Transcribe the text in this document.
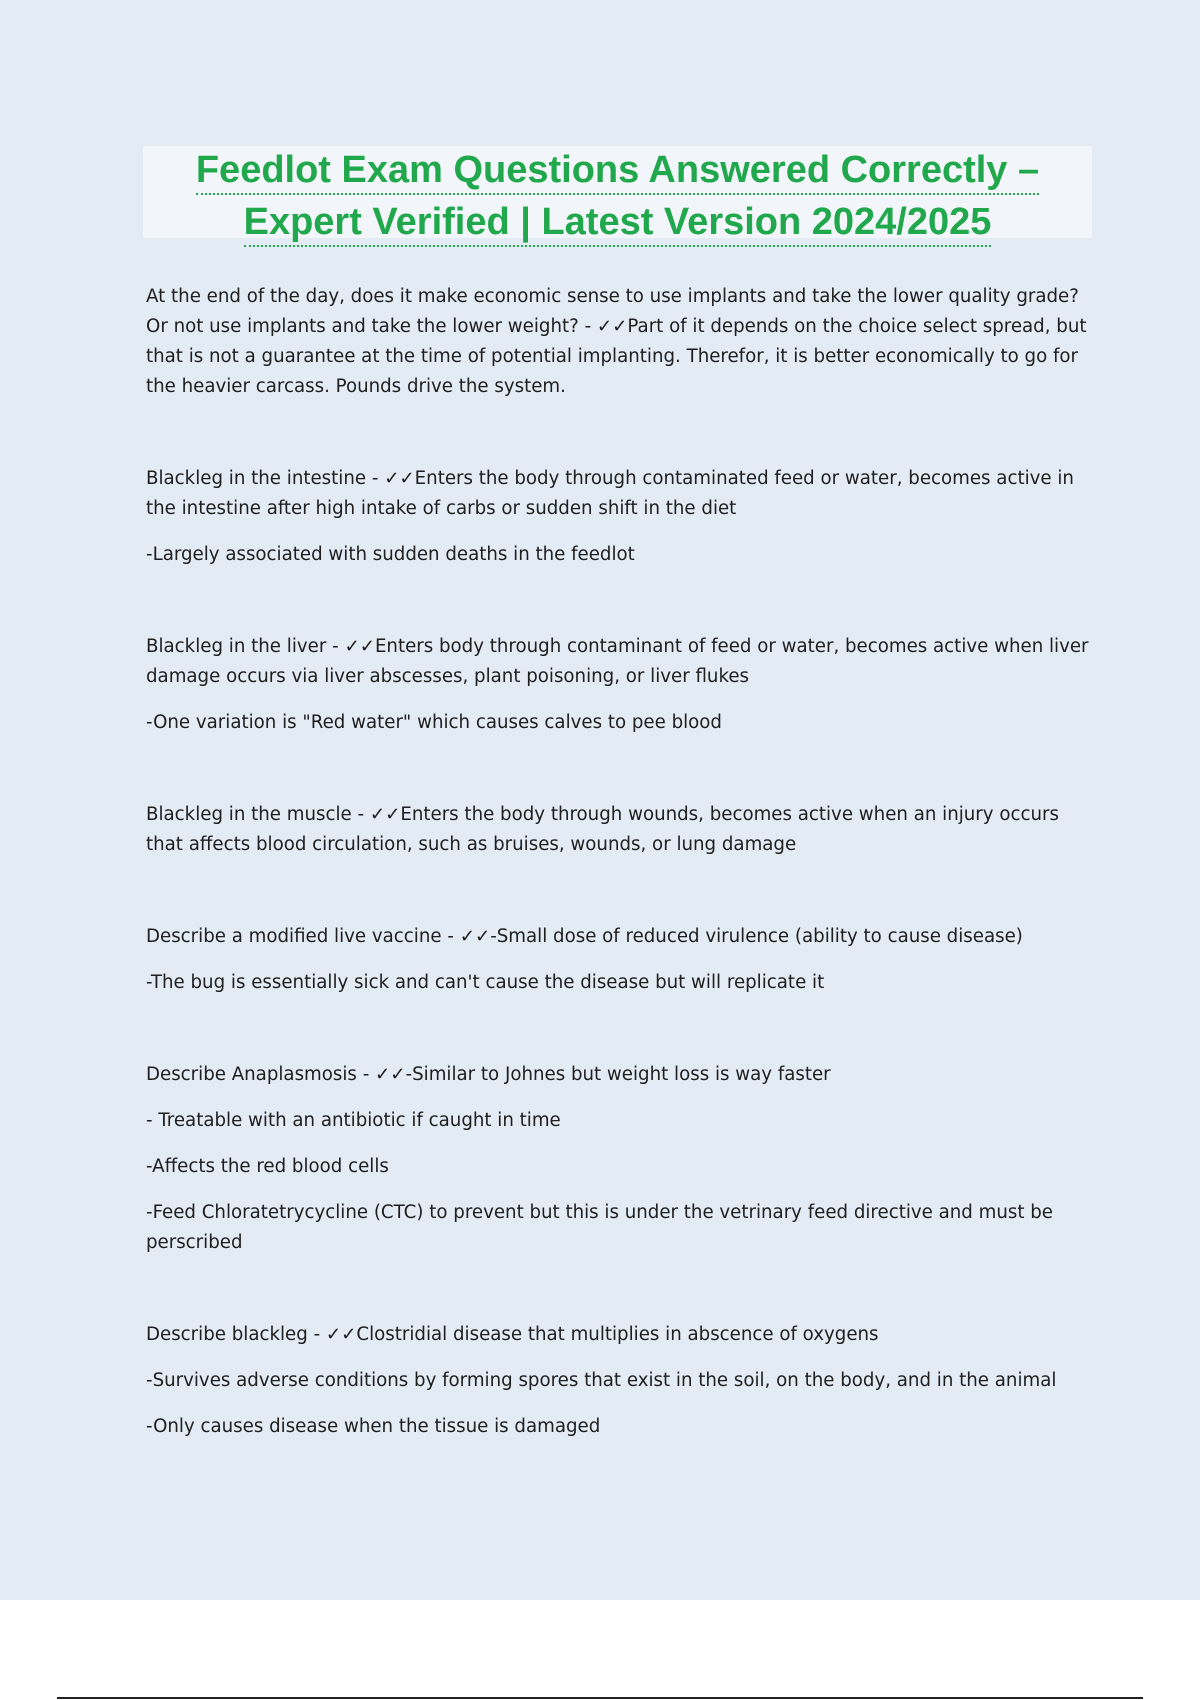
Feedlot Exam Questions Answered Correctly –
Expert Verified | Latest Version 2024/2025

At the end of the day, does it make economic sense to use implants and take the lower quality grade? Or not use implants and take the lower weight? - ✓✓Part of it depends on the choice select spread, but that is not a guarantee at the time of potential implanting. Therefor, it is better economically to go for the heavier carcass. Pounds drive the system.

Blackleg in the intestine - ✓✓Enters the body through contaminated feed or water, becomes active in the intestine after high intake of carbs or sudden shift in the diet

-Largely associated with sudden deaths in the feedlot

Blackleg in the liver - ✓✓Enters body through contaminant of feed or water, becomes active when liver damage occurs via liver abscesses, plant poisoning, or liver flukes

-One variation is "Red water" which causes calves to pee blood

Blackleg in the muscle - ✓✓Enters the body through wounds, becomes active when an injury occurs that affects blood circulation, such as bruises, wounds, or lung damage

Describe a modified live vaccine - ✓✓-Small dose of reduced virulence (ability to cause disease)

-The bug is essentially sick and can't cause the disease but will replicate it

Describe Anaplasmosis - ✓✓-Similar to Johnes but weight loss is way faster

- Treatable with an antibiotic if caught in time

-Affects the red blood cells

-Feed Chloratetrycycline (CTC) to prevent but this is under the vetrinary feed directive and must be perscribed

Describe blackleg - ✓✓Clostridial disease that multiplies in abscence of oxygens

-Survives adverse conditions by forming spores that exist in the soil, on the body, and in the animal

-Only causes disease when the tissue is damaged
